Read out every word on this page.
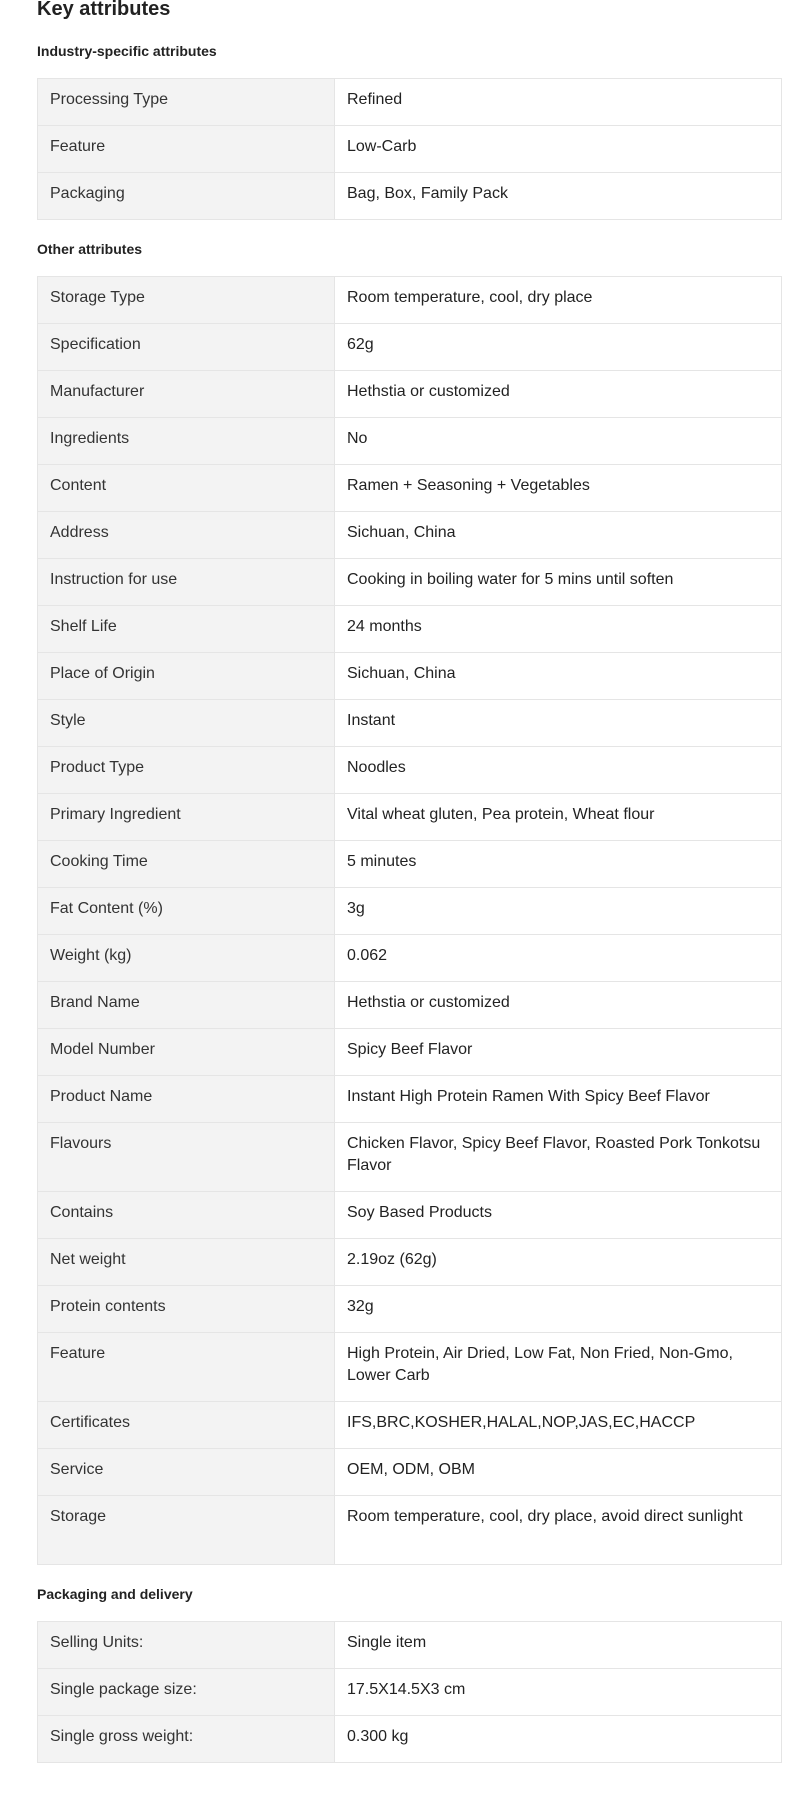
Key attributes
Industry-specific attributes
Processing Type	Refined
Feature	Low-Carb
Packaging	Bag, Box, Family Pack
Other attributes
Storage Type	Room temperature, cool, dry place
Specification	62g
Manufacturer	Hethstia or customized
Ingredients	No
Content	Ramen + Seasoning + Vegetables
Address	Sichuan, China
Instruction for use	Cooking in boiling water for 5 mins until soften
Shelf Life	24 months
Place of Origin	Sichuan, China
Style	Instant
Product Type	Noodles
Primary Ingredient	Vital wheat gluten, Pea protein, Wheat flour
Cooking Time	5 minutes
Fat Content (%)	3g
Weight (kg)	0.062
Brand Name	Hethstia or customized
Model Number	Spicy Beef Flavor
Product Name	Instant High Protein Ramen With Spicy Beef Flavor
Flavours	Chicken Flavor, Spicy Beef Flavor, Roasted Pork Tonkotsu Flavor
Contains	Soy Based Products
Net weight	2.19oz (62g)
Protein contents	32g
Feature	High Protein, Air Dried, Low Fat, Non Fried, Non-Gmo, Lower Carb
Certificates	IFS,BRC,KOSHER,HALAL,NOP,JAS,EC,HACCP
Service	OEM, ODM, OBM
Storage	Room temperature, cool, dry place, avoid direct sunlight
Packaging and delivery
Selling Units:	Single item
Single package size:	17.5X14.5X3 cm
Single gross weight:	0.300 kg
